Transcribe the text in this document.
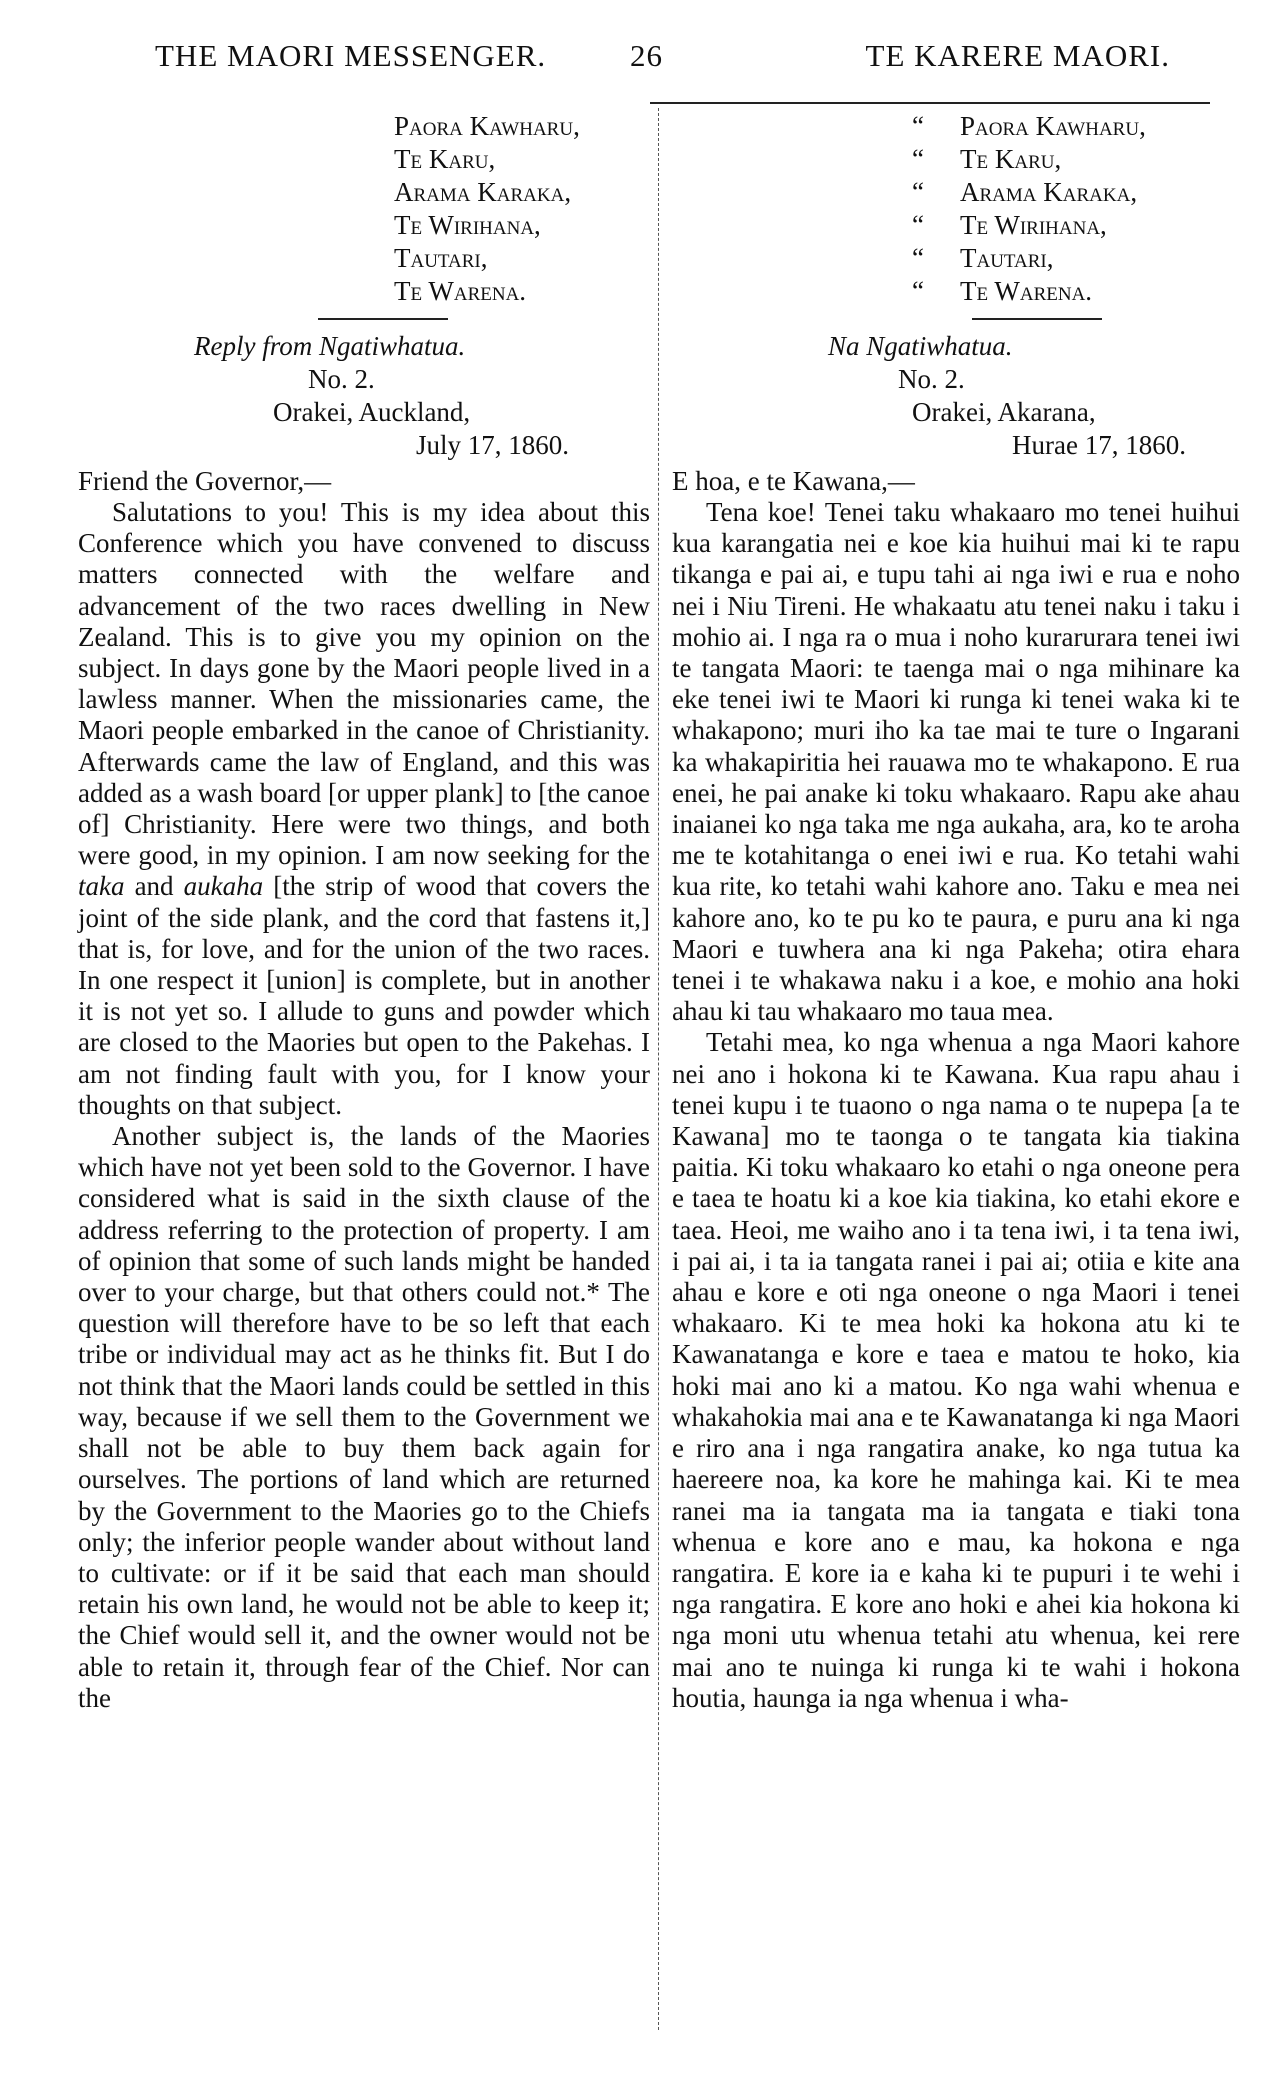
THE MAORI MESSENGER.	26	TE KARERE MAORI.

Paora Kawharu,

Te Karu,

Arama Karaka,

Te Wirihana,

Tautari,

Te Warena.

Reply from Ngatiwhatua.

No. 2.

Orakei, Auckland,

July 17, 1860.

Friend the Governor,—

Salutations to you! This is my idea about this Conference which you have convened to discuss matters connected with the welfare and advancement of the two races dwelling in New Zealand. This is to give you my opinion on the subject. In days gone by the Maori people lived in a lawless manner. When the missionaries came, the Maori people embarked in the canoe of Christianity. Afterwards came the law of England, and this was added as a wash board [or upper plank] to [the canoe of] Christianity. Here were two things, and both were good, in my opinion. I am now seeking for the taka and aukaha [the strip of wood that covers the joint of the side plank, and the cord that fastens it,] that is, for love, and for the union of the two races. In one respect it [union] is complete, but in another it is not yet so. I allude to guns and powder which are closed to the Maories but open to the Pakehas. I am not finding fault with you, for I know your thoughts on that subject.

Another subject is, the lands of the Maories which have not yet been sold to the Governor. I have considered what is said in the sixth clause of the address referring to the protection of property. I am of opinion that some of such lands might be handed over to your charge, but that others could not.* The question will therefore have to be so left that each tribe or individual may act as he thinks fit. But I do not think that the Maori lands could be settled in this way, because if we sell them to the Government we shall not be able to buy them back again for ourselves. The portions of land which are returned by the Government to the Maories go to the Chiefs only; the inferior people wander about without land to cultivate: or if it be said that each man should retain his own land, he would not be able to keep it; the Chief would sell it, and the owner would not be able to retain it, through fear of the Chief. Nor can the

“ Paora Kawharu,

“ Te Karu,

“ Arama Karaka,

“ Te Wirihana,

“ Tautari,

“ Te Warena.

Na Ngatiwhatua.

No. 2.

Orakei, Akarana,

Hurae 17, 1860.

E hoa, e te Kawana,—

Tena koe! Tenei taku whakaaro mo tenei huihui kua karangatia nei e koe kia huihui mai ki te rapu tikanga e pai ai, e tupu tahi ai nga iwi e rua e noho nei i Niu Tireni. He whakaatu atu tenei naku i taku i mohio ai. I nga ra o mua i noho kurarurara tenei iwi te tangata Maori: te taenga mai o nga mihinare ka eke tenei iwi te Maori ki runga ki tenei waka ki te whakapono; muri iho ka tae mai te ture o Ingarani ka whakapiritia hei rauawa mo te whakapono. E rua enei, he pai anake ki toku whakaaro. Rapu ake ahau inaianei ko nga taka me nga aukaha, ara, ko te aroha me te kotahitanga o enei iwi e rua. Ko tetahi wahi kua rite, ko tetahi wahi kahore ano. Taku e mea nei kahore ano, ko te pu ko te paura, e puru ana ki nga Maori e tuwhera ana ki nga Pakeha; otira ehara tenei i te whakawa naku i a koe, e mohio ana hoki ahau ki tau whakaaro mo taua mea.

Tetahi mea, ko nga whenua a nga Maori kahore nei ano i hokona ki te Kawana. Kua rapu ahau i tenei kupu i te tuaono o nga nama o te nupepa [a te Kawana] mo te taonga o te tangata kia tiakina paitia. Ki toku whakaaro ko etahi o nga oneone pera e taea te hoatu ki a koe kia tiakina, ko etahi ekore e taea. Heoi, me waiho ano i ta tena iwi, i ta tena iwi, i pai ai, i ta ia tangata ranei i pai ai; otiia e kite ana ahau e kore e oti nga oneone o nga Maori i tenei whakaaro. Ki te mea hoki ka hokona atu ki te Kawanatanga e kore e taea e matou te hoko, kia hoki mai ano ki a matou. Ko nga wahi whenua e whakahokia mai ana e te Kawanatanga ki nga Maori e riro ana i nga rangatira anake, ko nga tutua ka haereere noa, ka kore he mahinga kai. Ki te mea ranei ma ia tangata ma ia tangata e tiaki tona whenua e kore ano e mau, ka hokona e nga rangatira. E kore ia e kaha ki te pupuri i te wehi i nga rangatira. E kore ano hoki e ahei kia hokona ki nga moni utu whenua tetahi atu whenua, kei rere mai ano te nuinga ki runga ki te wahi i hokona houtia, haunga ia nga whenua i wha-
